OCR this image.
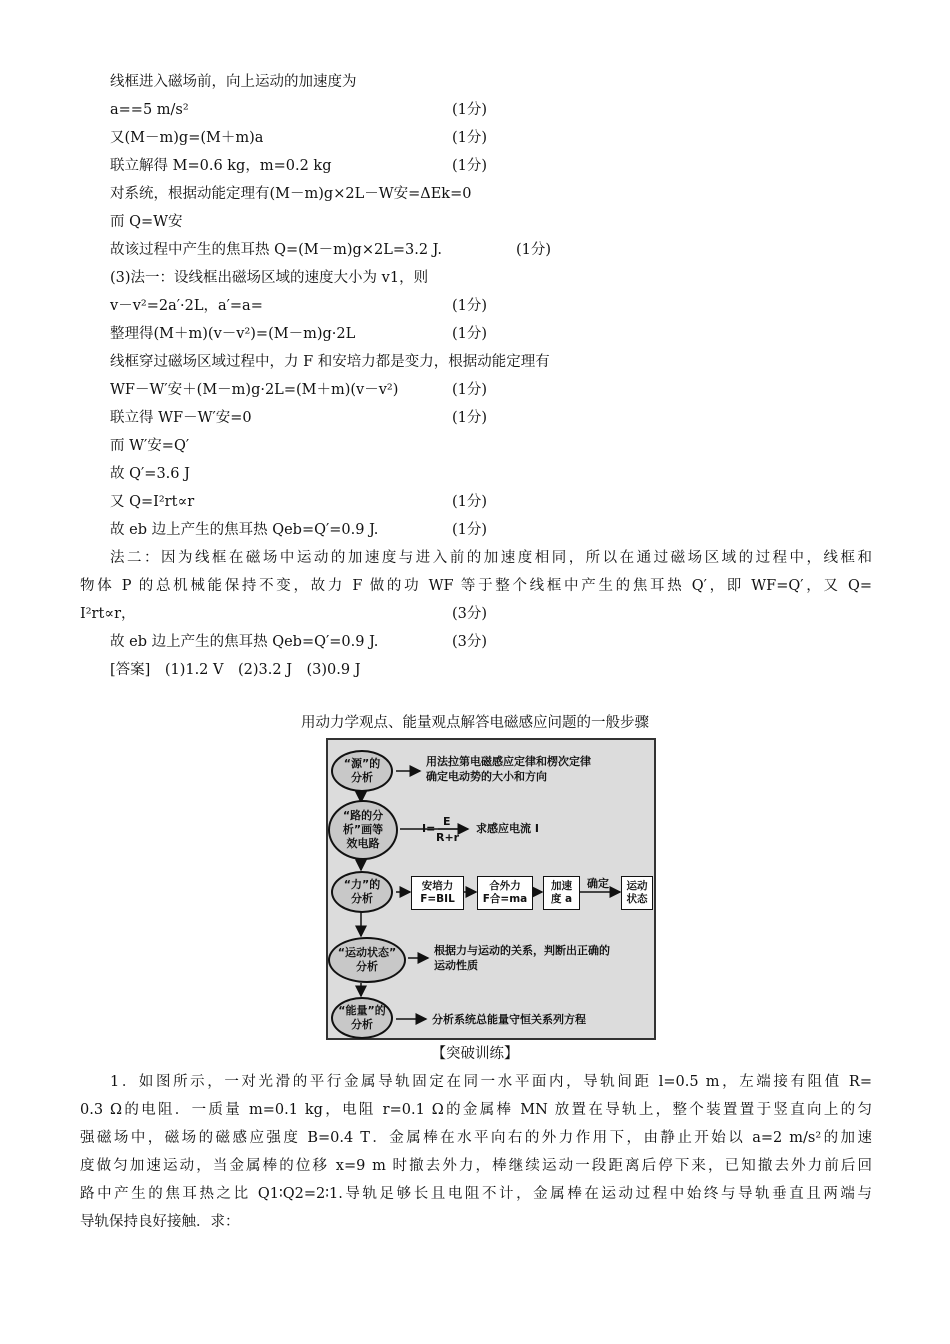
线框进入磁场前，向上运动的加速度为
a==5 m/s²	(1分)
又(M－m)g=(M＋m)a	(1分)
联立解得 M=0.6 kg，m=0.2 kg	(1分)
对系统，根据动能定理有(M－m)g×2L－W安=ΔEk=0
而 Q=W安
故该过程中产生的焦耳热 Q=(M－m)g×2L=3.2 J.	(1分)
(3)法一：设线框出磁场区域的速度大小为 v1，则
v－v²=2a′·2L，a′=a=	(1分)
整理得(M＋m)(v－v²)=(M－m)g·2L	(1分)
线框穿过磁场区域过程中，力 F 和安培力都是变力，根据动能定理有
WF－W′安＋(M－m)g·2L=(M＋m)(v－v²)	(1分)
联立得 WF－W′安=0	(1分)
而 W′安=Q′
故 Q′=3.6 J
又 Q=I²rt∝r	(1分)
故 eb 边上产生的焦耳热 Qeb=Q′=0.9 J.	(1分)
法二：因为线框在磁场中运动的加速度与进入前的加速度相同，所以在通过磁场区域的过程中，线框和
物体 P 的总机械能保持不变，故力 F 做的功 WF 等于整个线框中产生的焦耳热 Q′，即 WF=Q′，又 Q=
I²rt∝r，	(3分)
故 eb 边上产生的焦耳热 Qeb=Q′=0.9 J.	(3分)
[答案]　(1)1.2 V　(2)3.2 J　(3)0.9 J
用动力学观点、能量观点解答电磁感应问题的一般步骤
“源”的
分析
“路的分
析”画等
效电路
“力”的
分析
“运动状态”
分析
“能量”的
分析
用法拉第电磁感应定律和楞次定律
确定电动势的大小和方向
I=
E
R+r
求感应电流 I
安培力
F=BIL
合外力
F合=ma
加速
度 a
确定	运动
状态
根据力与运动的关系，判断出正确的
运动性质
分析系统总能量守恒关系列方程
【突破训练】
1．如图所示，一对光滑的平行金属导轨固定在同一水平面内，导轨间距 l=0.5 m，左端接有阻值 R=
0.3 Ω的电阻．一质量 m=0.1 kg，电阻 r=0.1 Ω的金属棒 MN 放置在导轨上，整个装置置于竖直向上的匀
强磁场中，磁场的磁感应强度 B=0.4 T．金属棒在水平向右的外力作用下，由静止开始以 a=2 m/s²的加速
度做匀加速运动，当金属棒的位移 x=9 m 时撤去外力，棒继续运动一段距离后停下来，已知撤去外力前后回
路中产生的焦耳热之比 Q1∶Q2=2∶1.导轨足够长且电阻不计，金属棒在运动过程中始终与导轨垂直且两端与
导轨保持良好接触．求：
